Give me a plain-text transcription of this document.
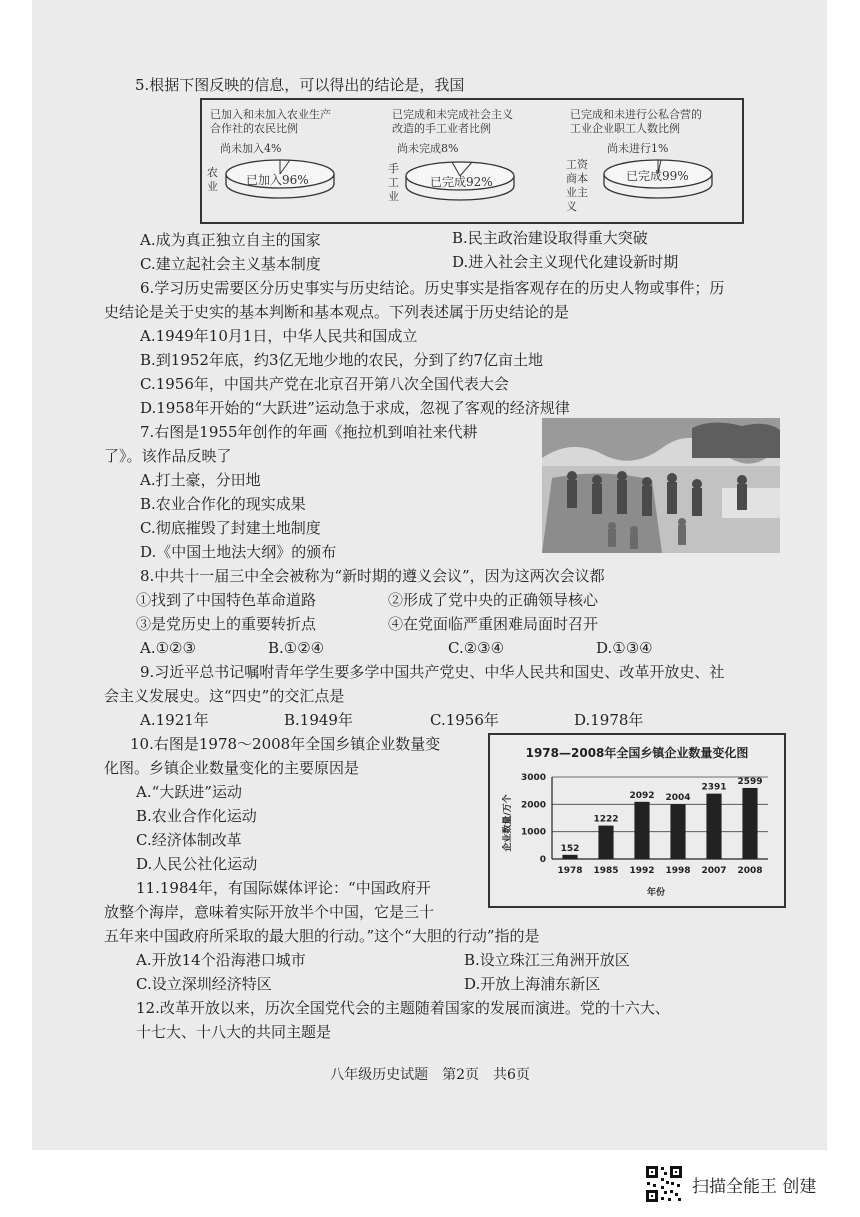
5.根据下图反映的信息，可以得出的结论是，我国
已加入和未加入农业生产
合作社的农民比例
尚未加入4%
农
业 已加入96%
已完成和未完成社会主义
改造的手工业者比例
尚未完成8%
手
工
业
已完成92%
已完成和未进行公私合营的
工业企业职工人数比例
尚未进行1%
工资
商本
业主
义
已完成99%
A.成为真正独立自主的国家	B.民主政治建设取得重大突破
C.建立起社会主义基本制度	D.进入社会主义现代化建设新时期
6.学习历史需要区分历史事实与历史结论。历史事实是指客观存在的历史人物或事件；历
史结论是关于史实的基本判断和基本观点。下列表述属于历史结论的是
A.1949年10月1日，中华人民共和国成立
B.到1952年底，约3亿无地少地的农民，分到了约7亿亩土地
C.1956年，中国共产党在北京召开第八次全国代表大会
D.1958年开始的“大跃进”运动急于求成，忽视了客观的经济规律
7.右图是1955年创作的年画《拖拉机到咱社来代耕
了》。该作品反映了
A.打土豪，分田地
B.农业合作化的现实成果
C.彻底摧毁了封建土地制度
D.《中国土地法大纲》的颁布
8.中共十一届三中全会被称为“新时期的遵义会议”，因为这两次会议都
①找到了中国特色革命道路	②形成了党中央的正确领导核心
③是党历史上的重要转折点	④在党面临严重困难局面时召开
A.①②③	B.①②④	C.②③④	D.①③④
9.习近平总书记嘱咐青年学生要多学中国共产党史、中华人民共和国史、改革开放史、社
会主义发展史。这“四史”的交汇点是
A.1921年	B.1949年	C.1956年	D.1978年
10.右图是1978～2008年全国乡镇企业数量变
化图。乡镇企业数量变化的主要原因是
A.“大跃进”运动
B.农业合作化运动
C.经济体制改革
D.人民公社化运动
1978—2008年全国乡镇企业数量变化图
企业数量/万个
年份
0
1000
2000
3000
152
1978
1222
1985
2092
1992
2004
1998
2391
2007
2599
2008
11.1984年，有国际媒体评论：“中国政府开
放整个海岸，意味着实际开放半个中国，它是三十
五年来中国政府所采取的最大胆的行动。”这个“大胆的行动”指的是
A.开放14个沿海港口城市	B.设立珠江三角洲开放区
C.设立深圳经济特区	D.开放上海浦东新区
12.改革开放以来，历次全国党代会的主题随着国家的发展而演进。党的十六大、
十七大、十八大的共同主题是
八年级历史试题　第2页　共6页
扫描全能王 创建
